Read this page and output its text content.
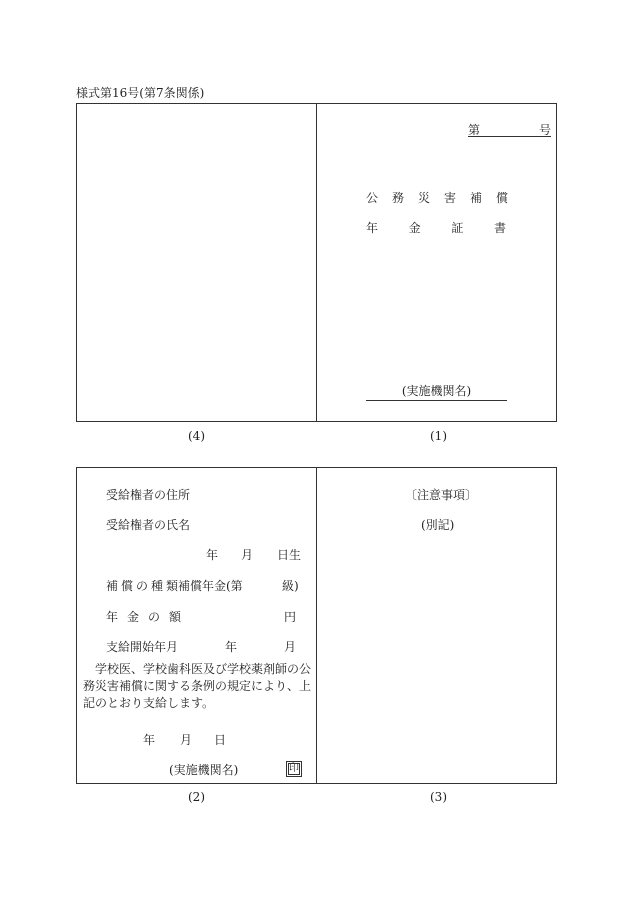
様式第16号(第7条関係)
第	号
公務災害補償
年	金	証	書
(実施機関名)
(4)	(1)
受給権者の住所
受給権者の氏名
年 月 日生
補償の種類
補償年金(第	級)
年金の額	円
支給開始年月	年	月
学校医、学校歯科医及び学校薬剤師の公務災害補償に関する条例の規定により、上記のとおり支給します。
年 月 日
(実施機関名)	印
〔注意事項〕
(別記)
(2)	(3)
